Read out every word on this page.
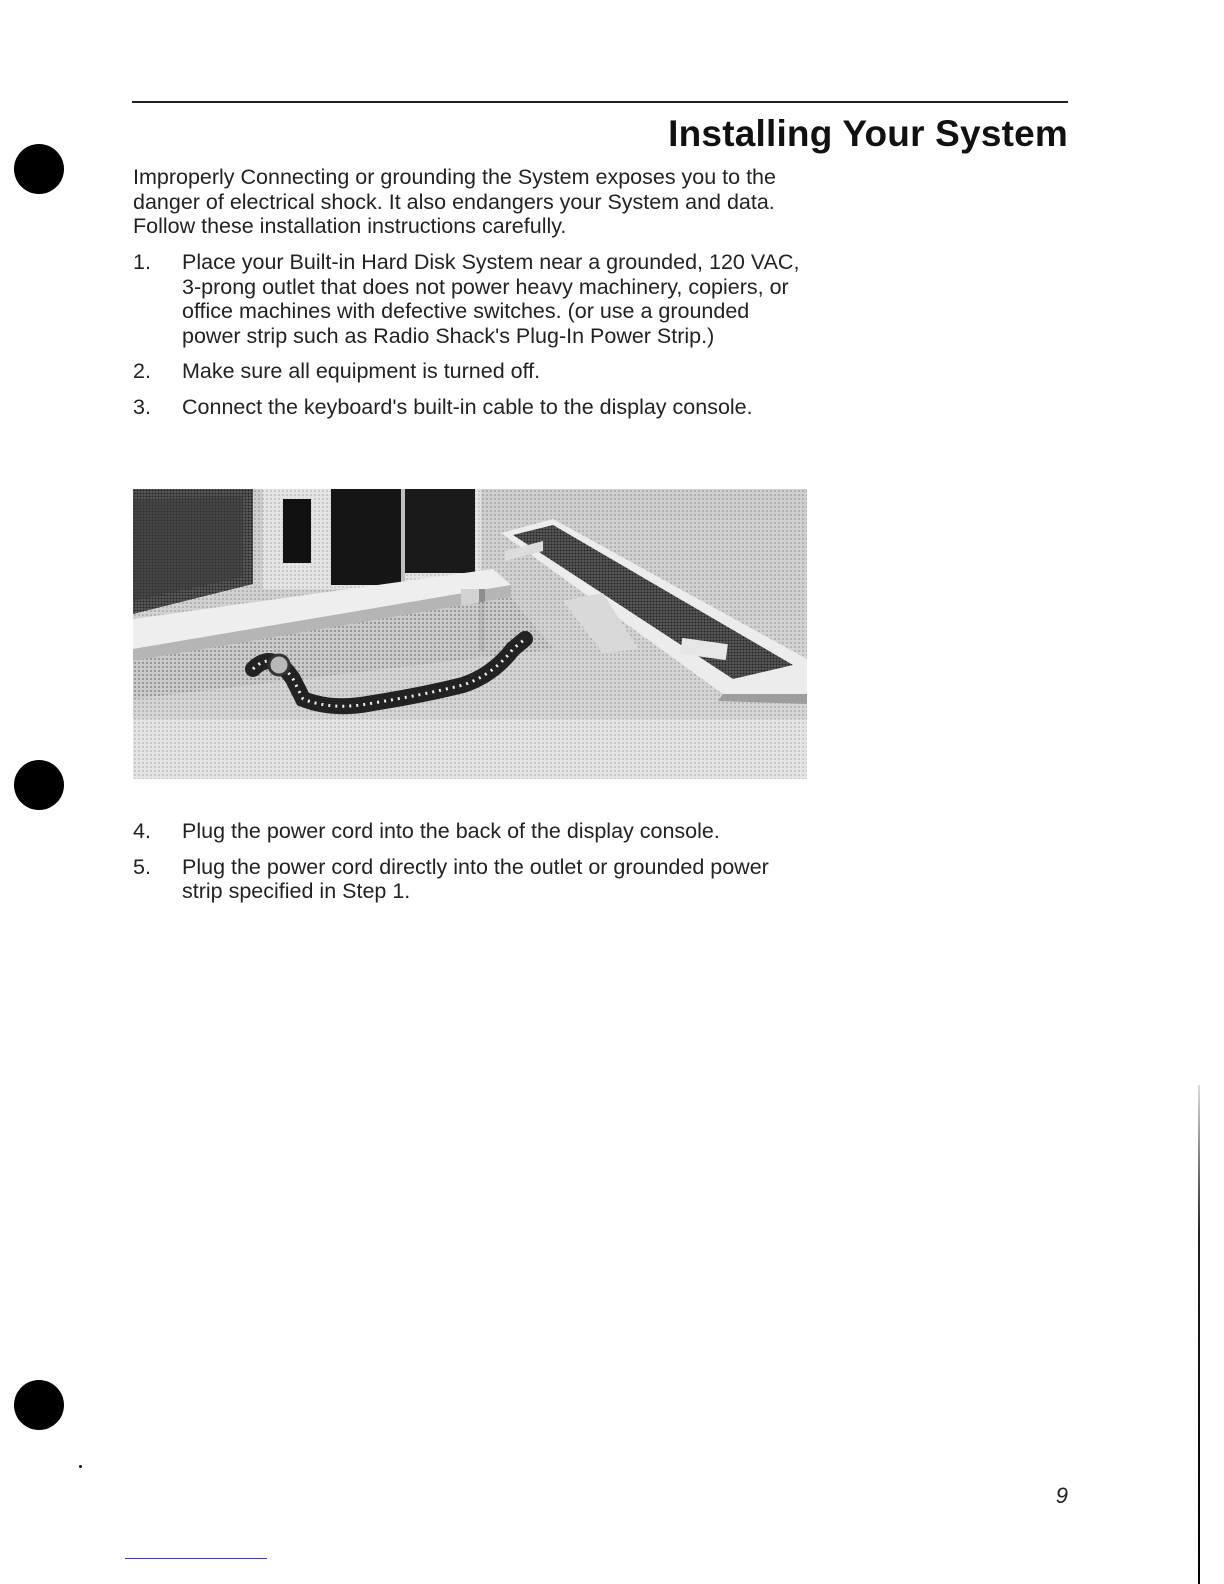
Installing Your System

Improperly Connecting or grounding the System exposes you to the danger of electrical shock. It also endangers your System and data. Follow these installation instructions carefully.

1.	Place your Built-in Hard Disk System near a grounded, 120 VAC, 3-prong outlet that does not power heavy machinery, copiers, or office machines with defective switches. (or use a grounded power strip such as Radio Shack's Plug-In Power Strip.)
2.	Make sure all equipment is turned off.
3.	Connect the keyboard's built-in cable to the display console.
4.	Plug the power cord into the back of the display console.
5.	Plug the power cord directly into the outlet or grounded power strip specified in Step 1.
9
